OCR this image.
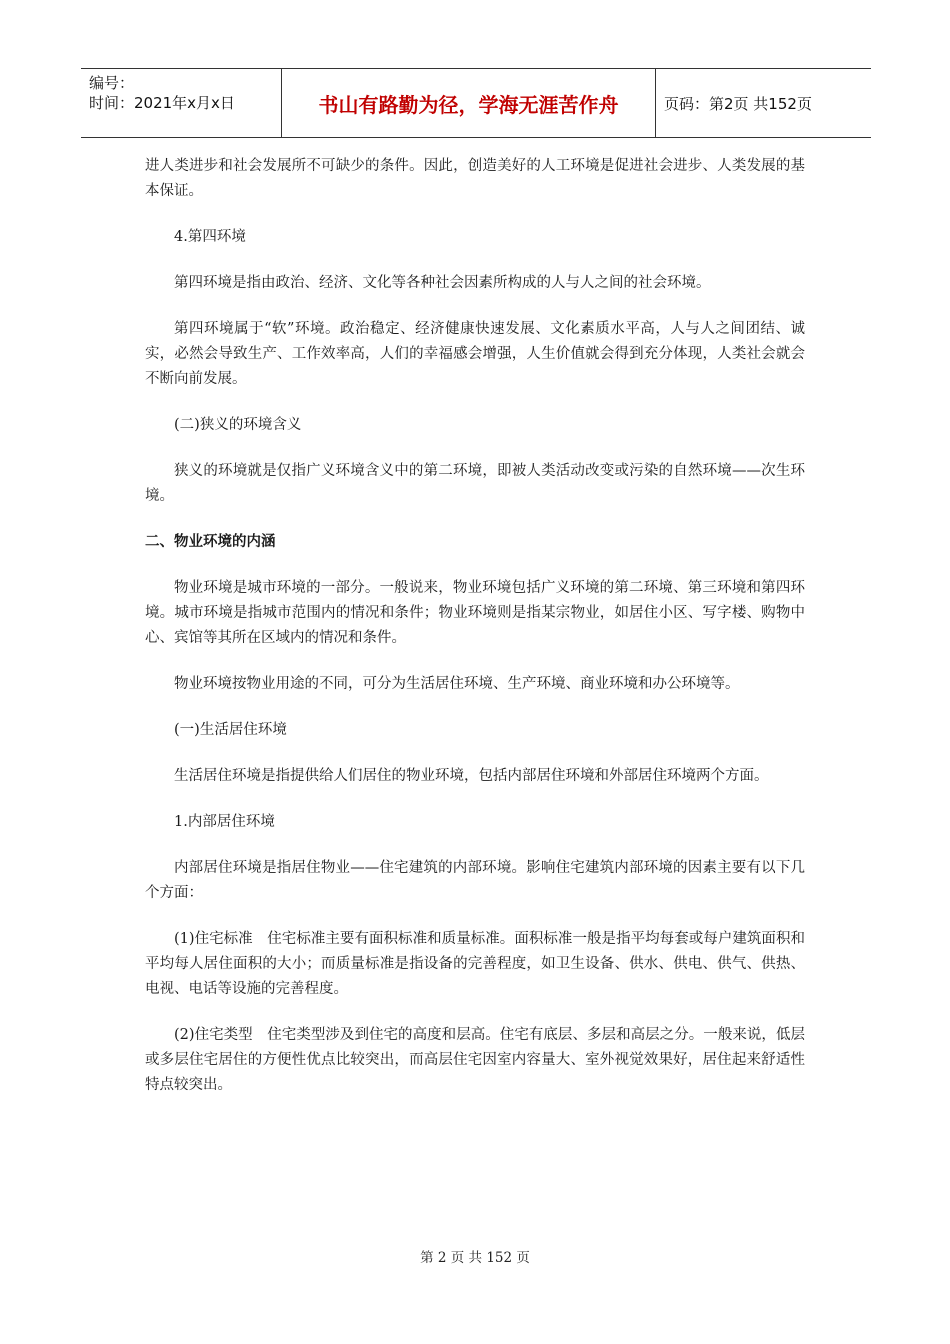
编号：
时间：2021年x月x日	书山有路勤为径，学海无涯苦作舟	页码：第2页 共152页

进人类进步和社会发展所不可缺少的条件。因此，创造美好的人工环境是促进社会进步、人类发展的基本保证。

4.第四环境

第四环境是指由政治、经济、文化等各种社会因素所构成的人与人之间的社会环境。

第四环境属于“软”环境。政治稳定、经济健康快速发展、文化素质水平高，人与人之间团结、诚实，必然会导致生产、工作效率高，人们的幸福感会增强，人生价值就会得到充分体现，人类社会就会不断向前发展。

(二)狭义的环境含义

狭义的环境就是仅指广义环境含义中的第二环境，即被人类活动改变或污染的自然环境——次生环境。

二、物业环境的内涵

物业环境是城市环境的一部分。一般说来，物业环境包括广义环境的第二环境、第三环境和第四环境。城市环境是指城市范围内的情况和条件；物业环境则是指某宗物业，如居住小区、写字楼、购物中心、宾馆等其所在区域内的情况和条件。

物业环境按物业用途的不同，可分为生活居住环境、生产环境、商业环境和办公环境等。

(一)生活居住环境

生活居住环境是指提供给人们居住的物业环境，包括内部居住环境和外部居住环境两个方面。

1.内部居住环境

内部居住环境是指居住物业——住宅建筑的内部环境。影响住宅建筑内部环境的因素主要有以下几个方面：

(1)住宅标准　住宅标准主要有面积标准和质量标准。面积标准一般是指平均每套或每户建筑面积和平均每人居住面积的大小；而质量标准是指设备的完善程度，如卫生设备、供水、供电、供气、供热、电视、电话等设施的完善程度。

(2)住宅类型　住宅类型涉及到住宅的高度和层高。住宅有底层、多层和高层之分。一般来说，低层或多层住宅居住的方便性优点比较突出，而高层住宅因室内容量大、室外视觉效果好，居住起来舒适性特点较突出。

第 2 页 共 152 页
